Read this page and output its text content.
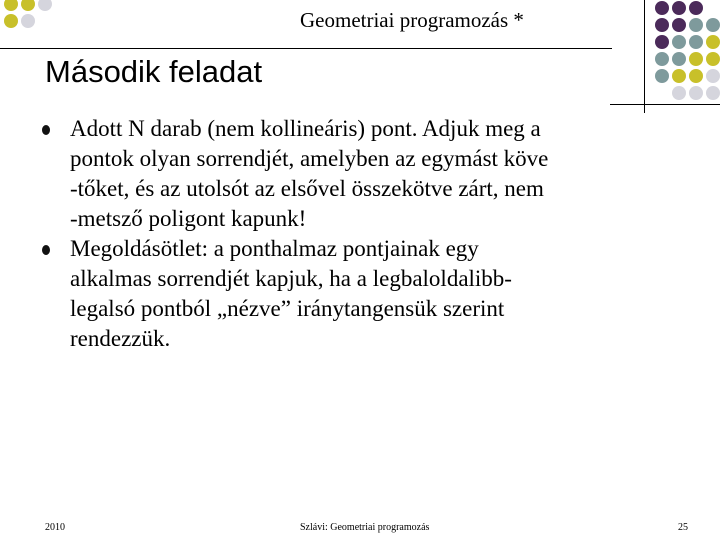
Geometriai programozás *
Második feladat
Adott N darab (nem kollineáris) pont. Adjuk meg a
pontok olyan sorrendjét, amelyben az egymást köve
-tőket, és az utolsót az elsővel összekötve zárt, nem
-metsző poligont kapunk!
Megoldásötlet: a ponthalmaz pontjainak egy
alkalmas sorrendjét kapjuk, ha a legbaloldalibb-
legalsó pontból „nézve” iránytangensük szerint
rendezzük.
2010	Szlávi: Geometriai programozás	25
